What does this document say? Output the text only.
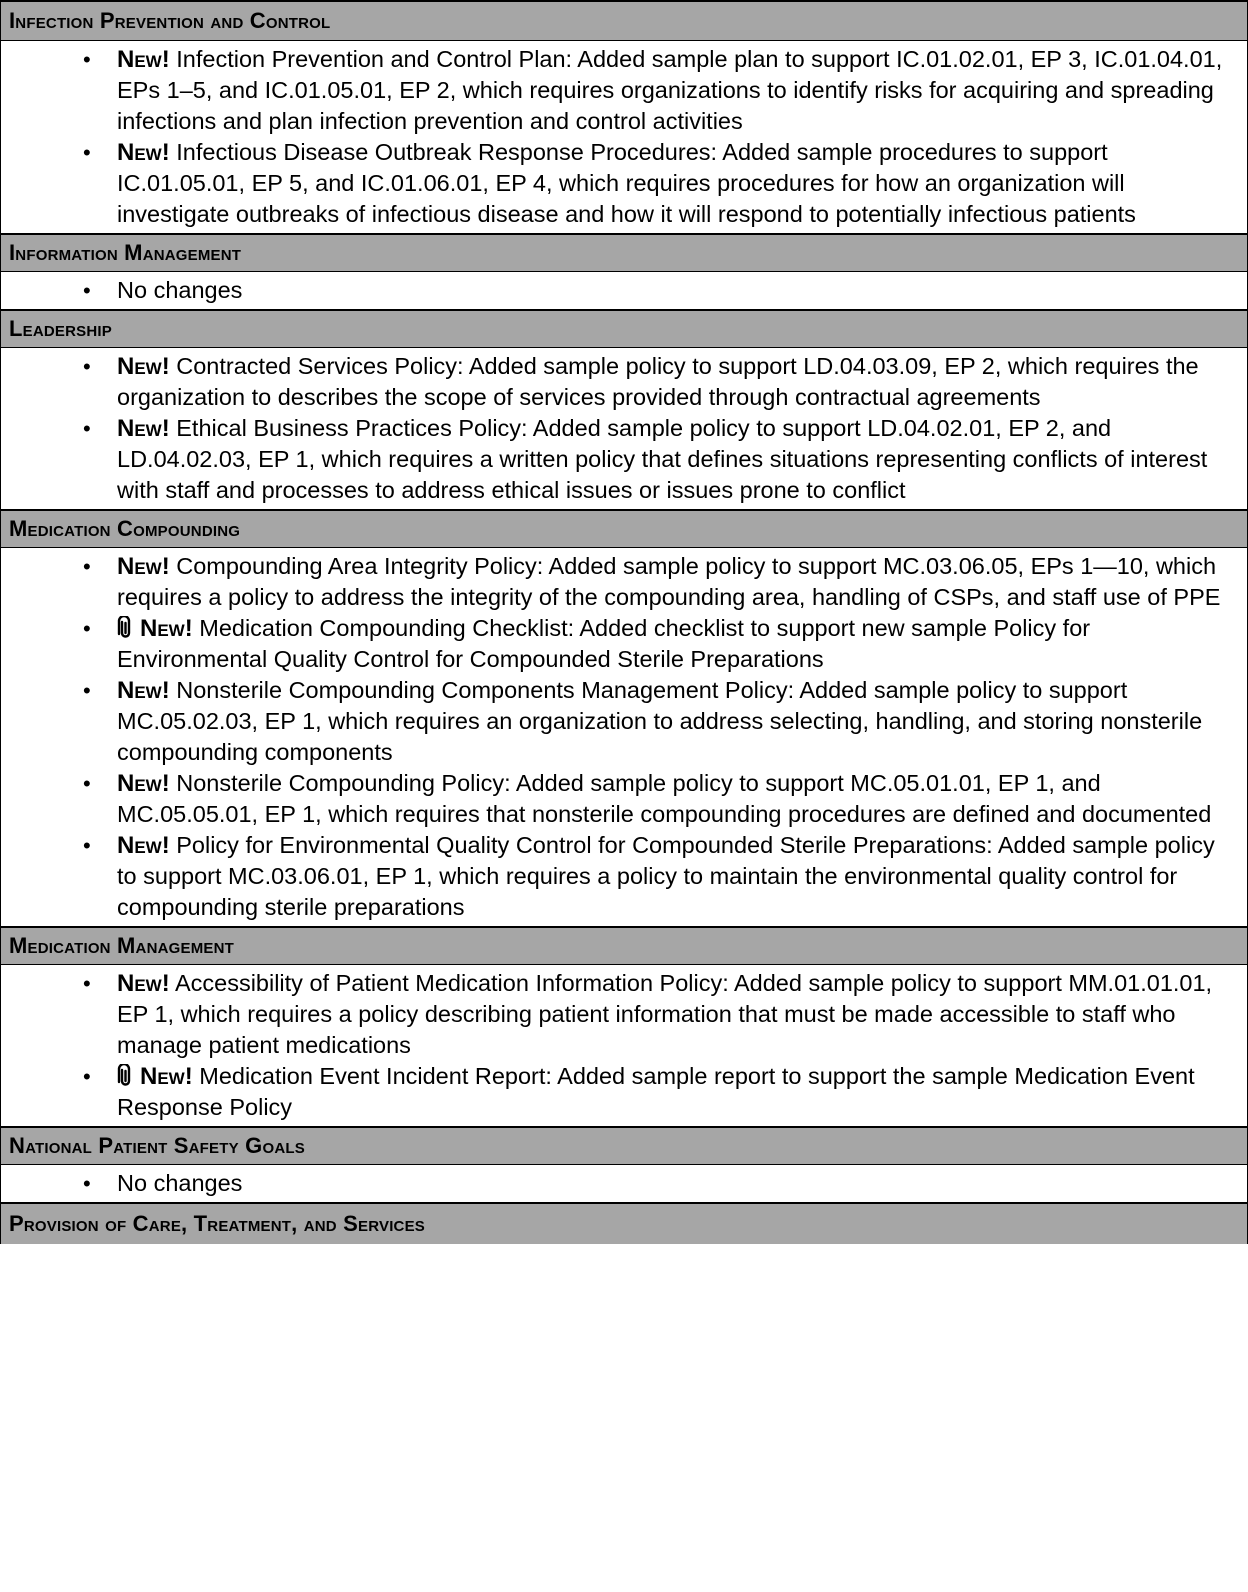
Infection Prevention and Control
• New! Infection Prevention and Control Plan: Added sample plan to support IC.01.02.01, EP 3, IC.01.04.01, EPs 1–5, and IC.01.05.01, EP 2, which requires organizations to identify risks for acquiring and spreading infections and plan infection prevention and control activities
• New! Infectious Disease Outbreak Response Procedures: Added sample procedures to support IC.01.05.01, EP 5, and IC.01.06.01, EP 4, which requires procedures for how an organization will investigate outbreaks of infectious disease and how it will respond to potentially infectious patients
Information Management
• No changes
Leadership
• New! Contracted Services Policy: Added sample policy to support LD.04.03.09, EP 2, which requires the organization to describes the scope of services provided through contractual agreements
• New! Ethical Business Practices Policy: Added sample policy to support LD.04.02.01, EP 2, and LD.04.02.03, EP 1, which requires a written policy that defines situations representing conflicts of interest with staff and processes to address ethical issues or issues prone to conflict
Medication Compounding
• New! Compounding Area Integrity Policy: Added sample policy to support MC.03.06.05, EPs 1—10, which requires a policy to address the integrity of the compounding area, handling of CSPs, and staff use of PPE
• New! Medication Compounding Checklist: Added checklist to support new sample Policy for Environmental Quality Control for Compounded Sterile Preparations
• New! Nonsterile Compounding Components Management Policy: Added sample policy to support MC.05.02.03, EP 1, which requires an organization to address selecting, handling, and storing nonsterile compounding components
• New! Nonsterile Compounding Policy: Added sample policy to support MC.05.01.01, EP 1, and MC.05.05.01, EP 1, which requires that nonsterile compounding procedures are defined and documented
• New! Policy for Environmental Quality Control for Compounded Sterile Preparations: Added sample policy to support MC.03.06.01, EP 1, which requires a policy to maintain the environmental quality control for compounding sterile preparations
Medication Management
• New! Accessibility of Patient Medication Information Policy: Added sample policy to support MM.01.01.01, EP 1, which requires a policy describing patient information that must be made accessible to staff who manage patient medications
• New! Medication Event Incident Report: Added sample report to support the sample Medication Event Response Policy
National Patient Safety Goals
• No changes
Provision of Care, Treatment, and Services
